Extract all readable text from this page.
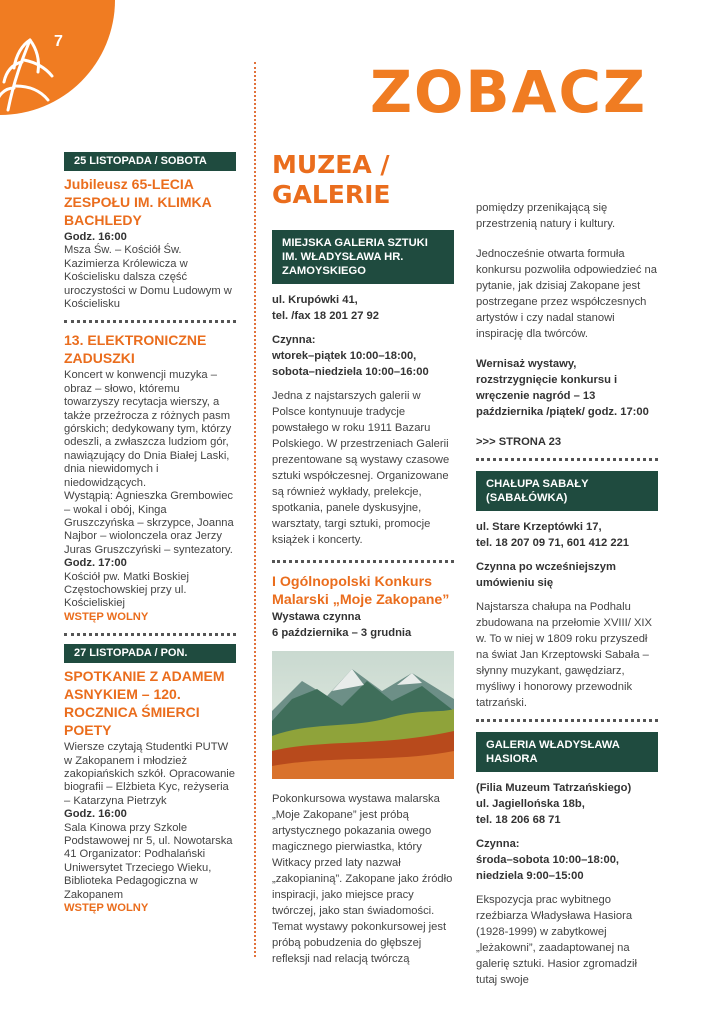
7
ZOBACZ
25 LISTOPADA / SOBOTA
Jubileusz 65-LECIA ZESPOŁU IM. KLIMKA BACHLEDY

Godz. 16:00

Msza Św. – Kościół Św. Kazimierza Królewicza w Kościelisku dalsza część uroczystości w Domu Ludowym w Kościelisku

13. ELEKTRONICZNE ZADUSZKI

Koncert w konwencji muzyka – obraz – słowo, któremu towarzyszy recytacja wierszy, a także przeźrocza z różnych pasm górskich; dedykowany tym, którzy odeszli, a zwłaszcza ludziom gór, nawiązujący do Dnia Białej Laski, dnia niewidomych i niedowidzących.

Wystąpią: Agnieszka Grembowiec – wokal i obój, Kinga Gruszczyńska – skrzypce, Joanna Najbor – wiolonczela oraz Jerzy Juras Gruszczyński – syntezatory.

Godz. 17:00

Kościół pw. Matki Boskiej Częstochowskiej przy ul. Kościeliskiej

WSTĘP WOLNY

27 LISTOPADA / PON.
SPOTKANIE Z ADAMEM ASNYKIEM – 120. ROCZNICA ŚMIERCI POETY

Wiersze czytają Studentki PUTW w Zakopanem i młodzież zakopiańskich szkół. Opracowanie biografii – Elżbieta Kyc, reżyseria – Katarzyna Pietrzyk

Godz. 16:00

Sala Kinowa przy Szkole Podstawowej nr 5, ul. Nowotarska 41 Organizator: Podhalański Uniwersytet Trzeciego Wieku, Biblioteka Pedagogiczna w Zakopanem

WSTĘP WOLNY

MUZEA / GALERIE
MIEJSKA GALERIA SZTUKI IM. WŁADYSŁAWA HR. ZAMOYSKIEGO

ul. Krupówki 41,

tel. /fax 18 201 27 92

Czynna:

wtorek–piątek 10:00–18:00,

sobota–niedziela 10:00–16:00

Jedna z najstarszych galerii w Polsce kontynuuje tradycje powstałego w roku 1911 Bazaru Polskiego. W przestrzeniach Galerii prezentowane są wystawy czasowe sztuki współczesnej. Organizowane są również wykłady, prelekcje, spotkania, panele dyskusyjne, warsztaty, targi sztuki, promocje książek i koncerty.

I Ogólnopolski Konkurs Malarski „Moje Zakopane”

Wystawa czynna

6 października – 3 grudnia

Pokonkursowa wystawa malarska „Moje Zakopane” jest próbą artystycznego pokazania owego magicznego pierwiastka, który Witkacy przed laty nazwał „zakopianiną”. Zakopane jako źródło inspiracji, jako miejsce pracy twórczej, jako stan świadomości. Temat wystawy pokonkursowej jest próbą pobudzenia do głębszej refleksji nad relacją twórczą

pomiędzy przenikającą się przestrzenią natury i kultury.

Jednocześnie otwarta formuła konkursu pozwoliła odpowiedzieć na pytanie, jak dzisiaj Zakopane jest postrzegane przez współczesnych artystów i czy nadal stanowi inspirację dla twórców.

Wernisaż wystawy, rozstrzygnięcie konkursu i wręczenie nagród – 13 października /piątek/ godz. 17:00

>>> STRONA 23

CHAŁUPA SABAŁY (SABAŁÓWKA)

ul. Stare Krzeptówki 17,

tel. 18 207 09 71, 601 412 221

Czynna po wcześniejszym umówieniu się

Najstarsza chałupa na Podhalu zbudowana na przełomie XVIII/ XIX w. To w niej w 1809 roku przyszedł na świat Jan Krzeptowski Sabała – słynny muzykant, gawędziarz, myśliwy i honorowy przewodnik tatrzański.

GALERIA WŁADYSŁAWA HASIORA

(Filia Muzeum Tatrzańskiego)

ul. Jagiellońska 18b,

tel. 18 206 68 71

Czynna:

środa–sobota 10:00–18:00,

niedziela 9:00–15:00

Ekspozycja prac wybitnego rzeźbiarza Władysława Hasiora (1928-1999) w zabytkowej „leżakowni”, zaadaptowanej na galerię sztuki. Hasior zgromadził tutaj swoje
